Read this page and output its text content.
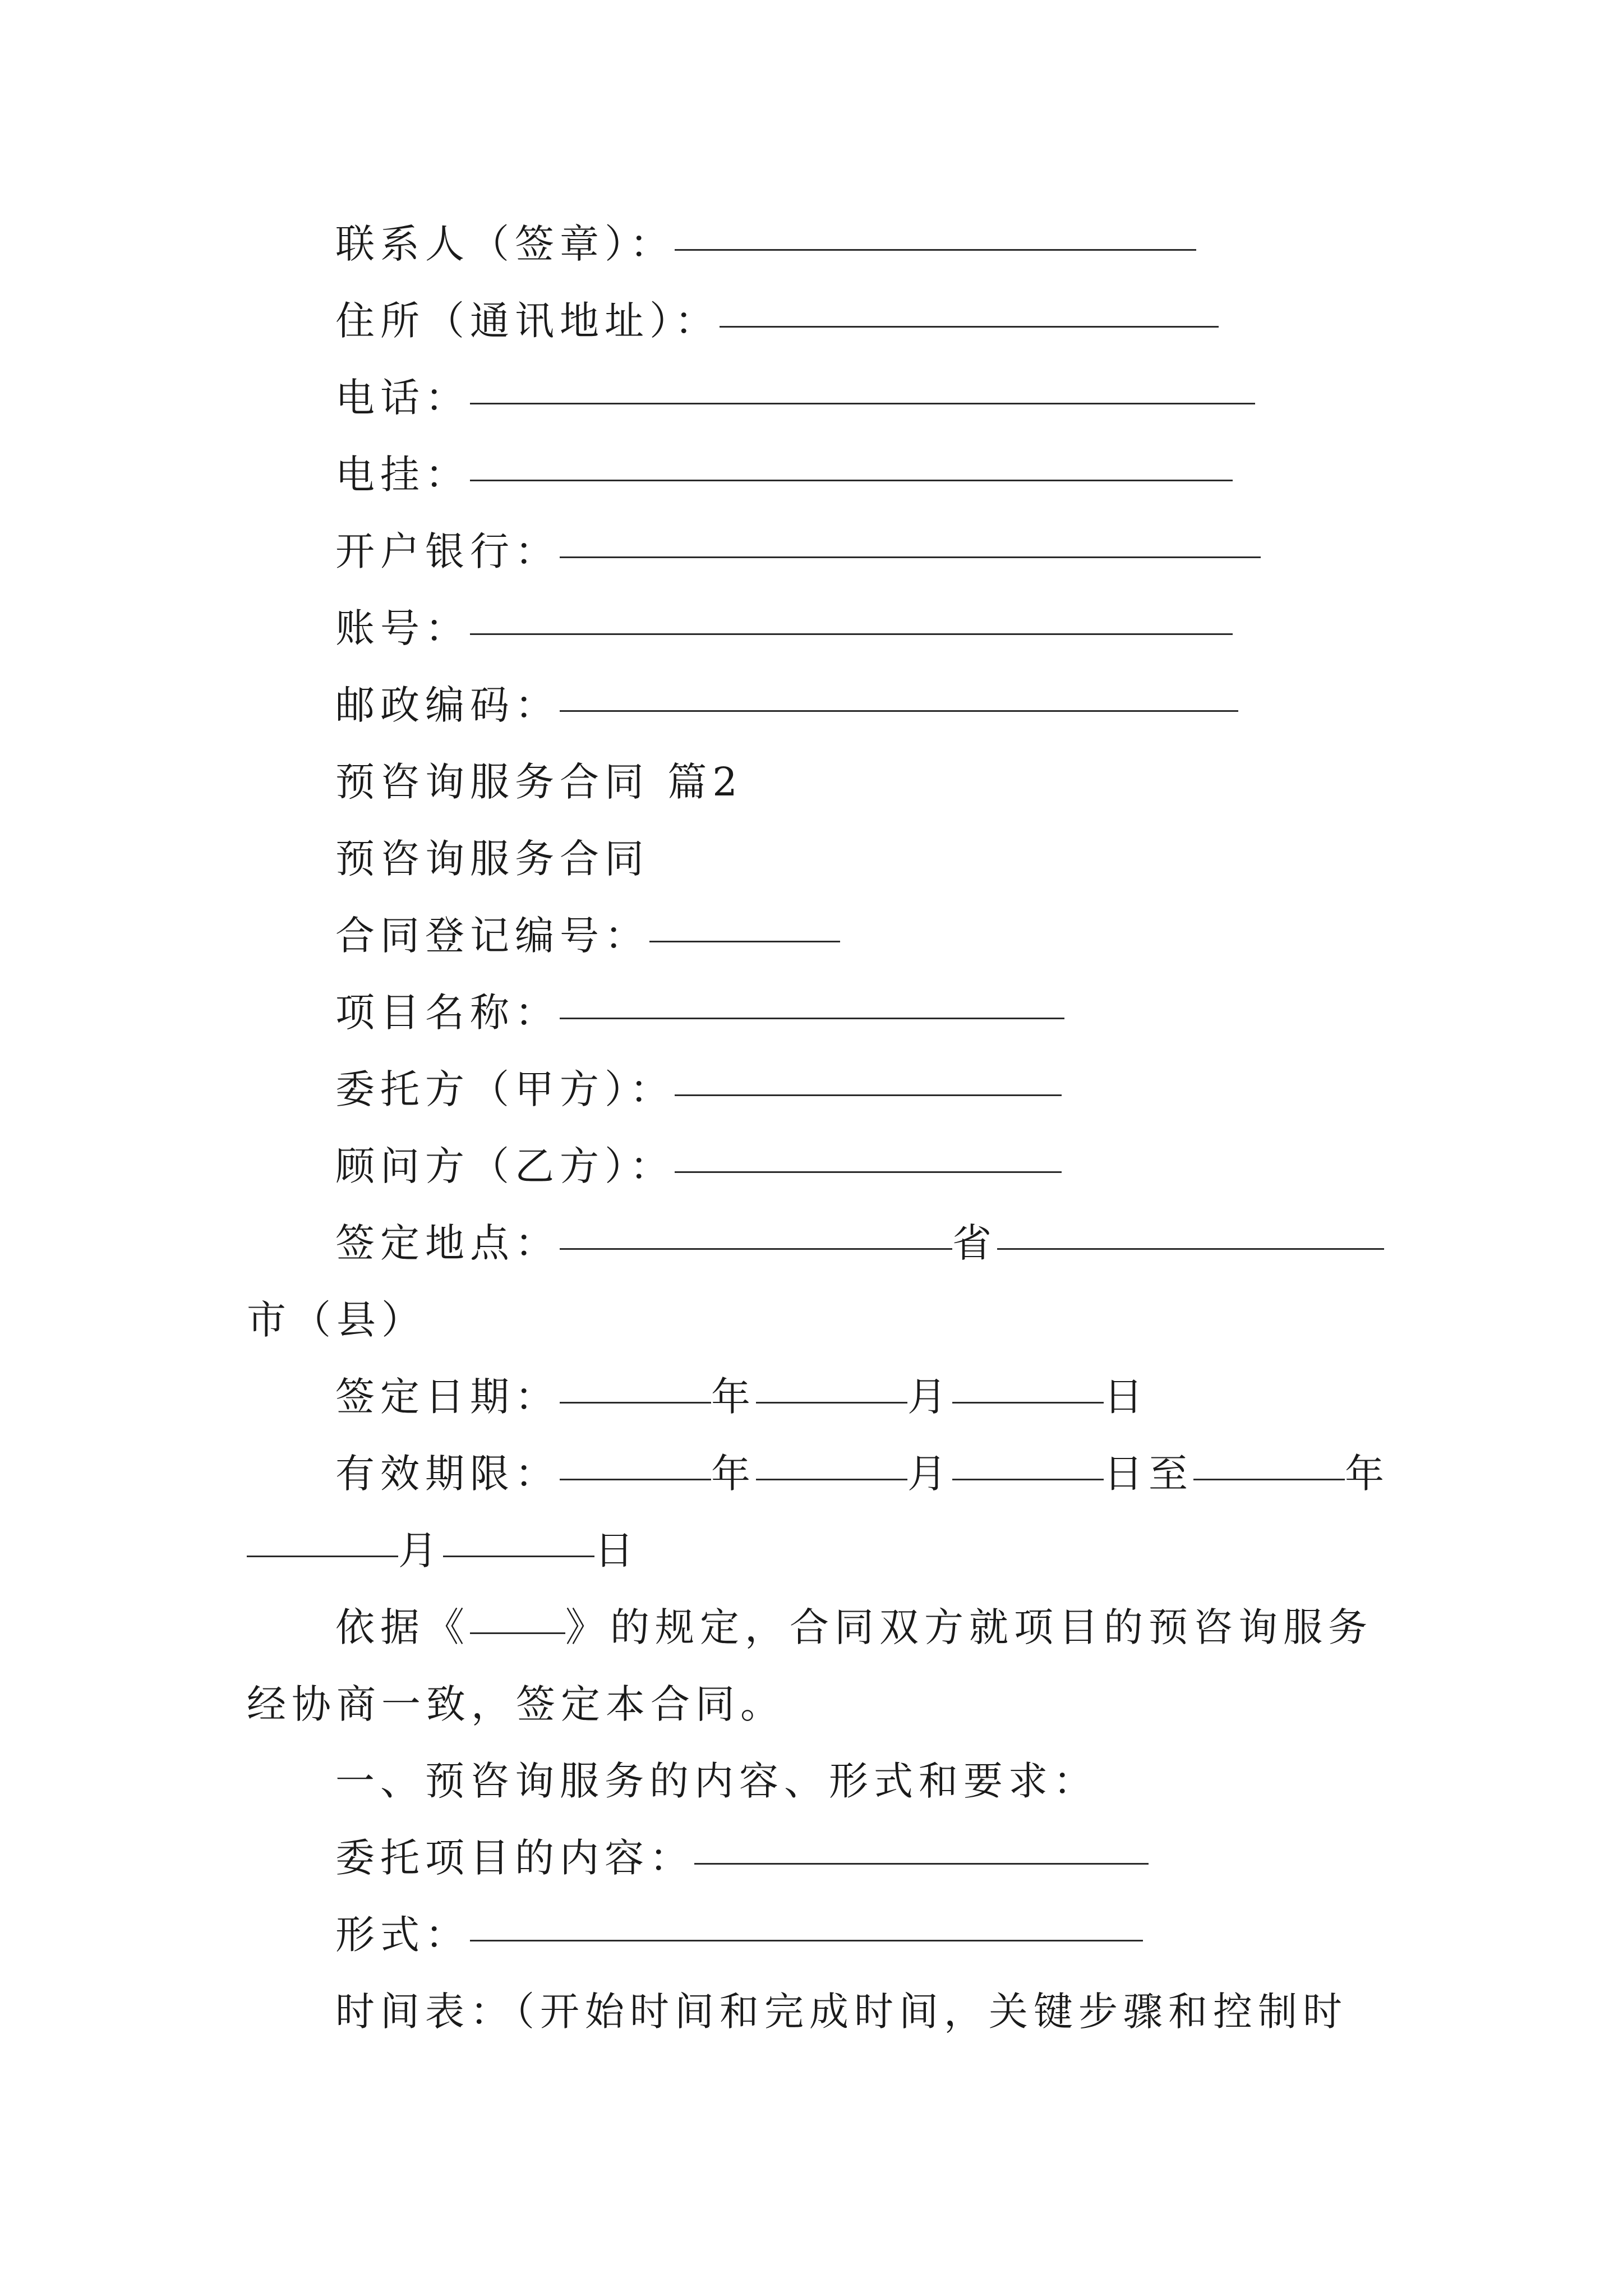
联系人（签章）：
住所（通讯地址）：
电话：
电挂：
开户银行：
账号：
邮政编码：
预咨询服务合同 篇2
预咨询服务合同
合同登记编号：
项目名称：
委托方（甲方）：
顾问方（乙方）：
签定地点：	省
市（县）
签定日期：	年	月	日
有效期限：	年	月	日至	年
月	日
依据《 》的规定，合同双方就项目的预咨询服务
经协商一致，签定本合同。
一、预咨询服务的内容、形式和要求：
委托项目的内容：
形式：
时间表：（开始时间和完成时间，关键步骤和控制时
